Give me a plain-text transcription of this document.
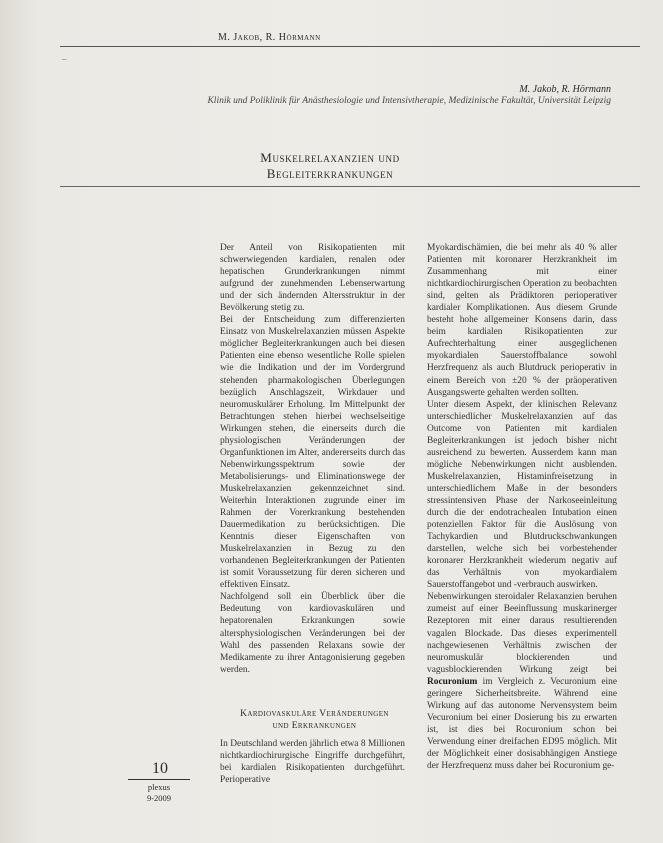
M. Jakob, R. Hörmann
–
M. Jakob, R. Hörmann
Klinik und Poliklinik für Anästhesiologie und Intensivtherapie, Medizinische Fakultät, Universität Leipzig
Muskelrelaxanzien und
Begleiterkrankungen

Der Anteil von Risikopatienten mit schwerwiegenden kardialen, renalen oder hepatischen Grunderkrankungen nimmt aufgrund der zunehmenden Lebenserwartung und der sich ändernden Altersstruktur in der Bevölkerung stetig zu.

Bei der Entscheidung zum differenzierten Einsatz von Muskelrelaxanzien müssen Aspekte möglicher Begleiterkrankungen auch bei diesen Patienten eine ebenso wesentliche Rolle spielen wie die Indikation und der im Vordergrund stehenden pharmakologischen Überlegungen bezüglich Anschlagszeit, Wirkdauer und neuromuskulärer Erholung. Im Mittelpunkt der Betrachtungen stehen hierbei wechselseitige Wirkungen stehen, die einerseits durch die physiologischen Veränderungen der Organfunktionen im Alter, andererseits durch das Nebenwirkungsspektrum sowie der Metabolisierungs- und Eliminationswege der Muskelrelaxanzien gekennzeichnet sind. Weiterhin Interaktionen zugrunde einer im Rahmen der Vorerkrankung bestehenden Dauermedikation zu berücksichtigen. Die Kenntnis dieser Eigenschaften von Muskelrelaxanzien in Bezug zu den vorhandenen Begleiterkrankungen der Patienten ist somit Voraussetzung für deren sicheren und effektiven Einsatz.

Nachfolgend soll ein Überblick über die Bedeutung von kardiovaskulären und hepatorenalen Erkrankungen sowie altersphysiologischen Veränderungen bei der Wahl des passenden Relaxans sowie der Medikamente zu ihrer Antagonisierung gegeben werden.

Kardiovaskuläre Veränderungen
und Erkrankungen
In Deutschland werden jährlich etwa 8 Millionen nichtkardiochirurgische Eingriffe durchgeführt, bei kardialen Risikopatienten durchgeführt. Perioperative

Myokardischämien, die bei mehr als 40 % aller Patienten mit koronarer Herzkrankheit im Zusammenhang mit einer nichtkardiochirurgischen Operation zu beobachten sind, gelten als Prädiktoren perioperativer kardialer Komplikationen. Aus diesem Grunde besteht hohe allgemeiner Konsens darin, dass beim kardialen Risikopatienten zur Aufrechterhaltung einer ausgeglichenen myokardialen Sauerstoffbalance sowohl Herzfrequenz als auch Blutdruck perioperativ in einem Bereich von ±20 % der präoperativen Ausgangswerte gehalten werden sollten.

Unter diesem Aspekt, der klinischen Relevanz unterschiedlicher Muskelrelaxanzien auf das Outcome von Patienten mit kardialen Begleiterkrankungen ist jedoch bisher nicht ausreichend zu bewerten. Ausserdem kann man mögliche Nebenwirkungen nicht ausblenden. Muskelrelaxanzien, Histaminfreisetzung in unterschiedlichem Maße in der besonders stressintensiven Phase der Narkoseeinleitung durch die der endotrachealen Intubation einen potenziellen Faktor für die Auslösung von Tachykardien und Blutdruckschwankungen darstellen, welche sich bei vorbestehender koronarer Herzkrankheit wiederum negativ auf das Verhältnis von myokardialem Sauerstoffangebot und -verbrauch auswirken.

Nebenwirkungen steroidaler Relaxanzien beruhen zumeist auf einer Beeinflussung muskarinerger Rezeptoren mit einer daraus resultierenden vagalen Blockade. Das dieses experimentell nachgewiesenen Verhältnis zwischen der neuromuskulär blockierenden und vagusblockierenden Wirkung zeigt bei Rocuronium im Vergleich z. Vecuronium eine geringere Sicherheitsbreite. Während eine Wirkung auf das autonome Nervensystem beim Vecuronium bei einer Dosierung bis zu erwarten ist, ist dies bei Rocuronium schon bei Verwendung einer dreifachen ED95 möglich. Mit der Möglichkeit einer dosisabhängigen Anstiege der Herzfrequenz muss daher bei Rocuronium ge-

10
plexus
9-2009
